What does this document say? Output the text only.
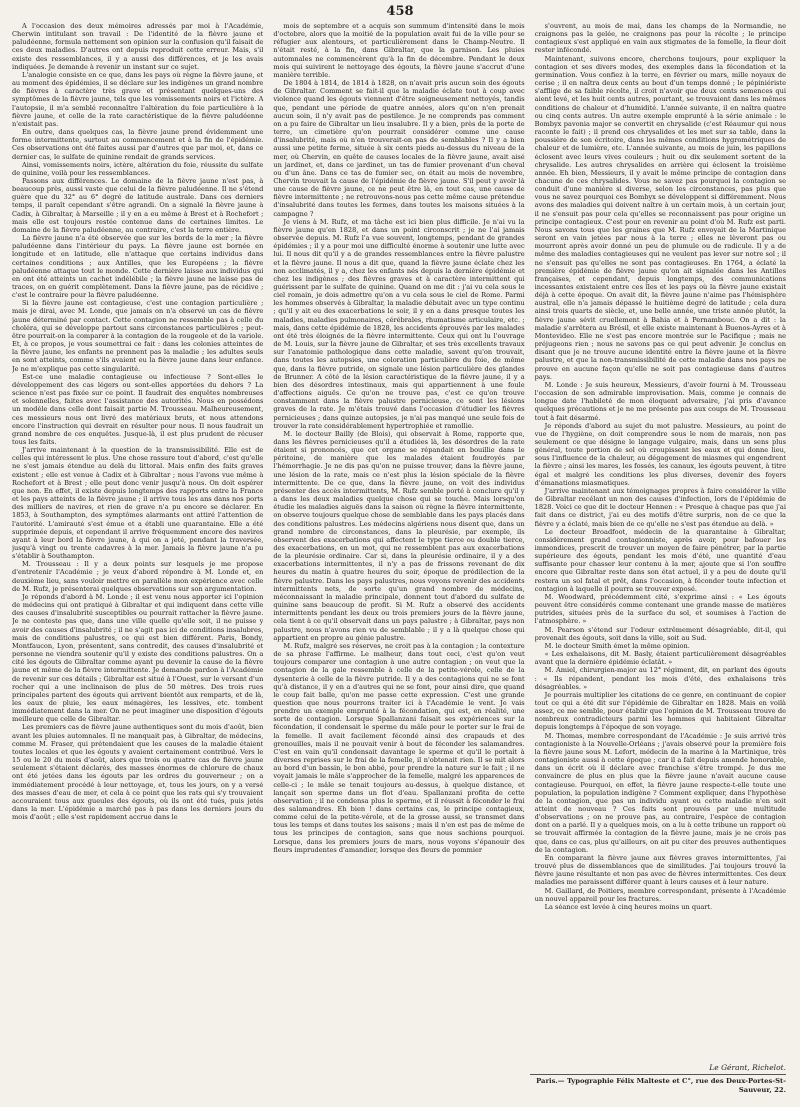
458

A l'occasion des deux mémoires adressés par moi à l'Académie, Cherwin intitulant son travail : De l'identité de la fièvre jaune et paludéenne, formula nettement son opinion sur la confusion qu'il faisait de ces deux maladies. D'autres ont depuis reproduit cette erreur. Mais, s'il existe des ressemblances, il y a aussi des différences, et je les avais indiquées. Je demande à revenir un instant sur ce sujet.

L'analogie consiste en ce que, dans les pays où règne la fièvre jaune, et au moment des épidémies, il se déclare sur les indigènes un grand nombre de fièvres à caractère très grave et présentant quelques-uns des symptômes de la fièvre jaune, tels que les vomissements noirs et l'ictère. A l'autopsie, il m'a semblé reconnaître l'altération du foie particulière à la fièvre jaune, et celle de la rate caractéristique de la fièvre paludéenne n'existait pas.

En outre, dans quelques cas, la fièvre jaune prend évidemment une forme intermittente, surtout au commencement et à la fin de l'épidémie. Ces observations ont été faites aussi par d'autres que par moi, et, dans ce dernier cas, le sulfate de quinine rendait de grands services.

Ainsi, vomissements noirs, ictère, altération du foie, réussite du sulfate de quinine, voilà pour les ressemblances.

Passons aux différences. Le domaine de la fièvre jaune n'est pas, à beaucoup près, aussi vaste que celui de la fièvre paludéenne. Il ne s'étend guère que du 32° au 6° degré de latitude australe. Dans ces derniers temps, il paraît cependant s'être agrandi. On a signalé la fièvre jaune à Cadix, à Gibraltar, à Marseille ; il y en a eu même à Brest et à Rochefort ; mais elle est toujours restée contenue dans de certaines limites. Le domaine de la fièvre paludéenne, au contraire, c'est la terre entière.

La fièvre jaune n'a été observée que sur les bords de la mer ; la fièvre paludéenne dans l'intérieur du pays. La fièvre jaune est bornée en longitude et en latitude, elle n'attaque que certains individus dans certaines conditions ; aux Antilles, que les Européens ; la fièvre paludéenne attaque tout le monde. Cette dernière laisse aux individus qui en ont été atteints un cachet indélébile ; la fièvre jaune ne laisse pas de traces, on en guérit complètement. Dans la fièvre jaune, pas de récidive ; c'est le contraire pour la fièvre paludéenne.

Si la fièvre jaune est contagieuse, c'est une contagion particulière ; mais je dirai, avec M. Londe, que jamais on n'a observé un cas de fièvre jaune déterminé par contact. Cette contagion ne ressemble pas à celle du choléra, qui se développe partout sans circonstances particulières ; peut-être pourrait-on la comparer à la contagion de la rougeole et de la variole. Et, à ce propos, je vous soumettrai ce fait : dans les colonies atteintes de la fièvre jaune, les enfants ne prennent pas la maladie ; les adultes seuls en sont atteints, comme s'ils avaient eu la fièvre jaune dans leur enfance. Je ne m'explique pas cette singularité.

Est-ce une maladie contagieuse ou infectieuse ? Sont-elles le développement des cas légers ou sont-elles apportées du dehors ? La science n'est pas fixée sur ce point. Il faudrait des enquêtes nombreuses et solennelles, faites avec l'assistance des autorités. Nous en possédons un modèle dans celle dont faisait partie M. Trousseau. Malheureusement, ces messieurs nous ont livré des matériaux bruts, et nous attendons encore l'instruction qui devrait en résulter pour nous. Il nous faudrait un grand nombre de ces enquêtes. Jusque-là, il est plus prudent de récuser tous les faits.

J'arrive maintenant à la question de la transmissibilité. Elle est de celles qui intéressent le plus. Une chose rassure tout d'abord, c'est qu'elle ne s'est jamais étendue au delà du littoral. Mais enfin des faits graves existent ; elle est venue à Cadix et à Gibraltar ; nous l'avons vue même à Rochefort et à Brest ; elle peut donc venir jusqu'à nous. On doit espérer que non. En effet, il existe depuis longtemps des rapports entre la France et les pays atteints de la fièvre jaune ; il arrive tous les ans dans nos ports des milliers de navires, et rien de grave n'a pu encore se déclarer. En 1853, à Southampton, des symptômes alarmants ont attiré l'attention de l'autorité. L'amirauté s'est émue et a établi une quarantaine. Elle a été supprimée depuis, et cependant il arrive fréquemment encore des navires ayant à leur bord la fièvre jaune, à qui on a jeté, pendant la traversée, jusqu'à vingt ou trente cadavres à la mer. Jamais la fièvre jaune n'a pu s'établir à Southampton.

M. Trousseau : Il y a deux points sur lesquels je me propose d'entretenir l'Académie ; je veux d'abord répondre à M. Londe et, en deuxième lieu, sans vouloir mettre en parallèle mon expérience avec celle de M. Rufz, je présenterai quelques observations sur son argumentation.

Je réponds d'abord à M. Londe ; il est venu nous apporter ici l'opinion de médecins qui ont pratiqué à Gibraltar et qui indiquent dans cette ville des causes d'insalubrité susceptibles ou pourrait rattacher la fièvre jaune. Je ne conteste pas que, dans une ville quelle qu'elle soit, il ne puisse y avoir des causes d'insalubrité ; il ne s'agit pas ici de conditions insalubres, mais de conditions palustres, ce qui est bien différent. Paris, Bondy, Montfaucon, Lyon, présentent, sans contredit, des causes d'insalubrité et personne ne viendra soutenir qu'il y existe des conditions palustres. On a cité les égouts de Gibraltar comme ayant pu devenir la cause de la fièvre jaune et même de la fièvre intermittente. Je demande pardon à l'Académie de revenir sur ces détails ; Gibraltar est situé à l'Ouest, sur le versant d'un rocher qui a une inclinaison de plus de 50 mètres. Des trois rues principales partent des égouts qui arrivent bientôt aux remparts, et de là, les eaux de pluie, les eaux ménagères, les lessives, etc. tombent immédiatement dans la mer. On ne peut imaginer une disposition d'égouts meilleure que celle de Gibraltar.

Les premiers cas de fièvre jaune authentiques sont du mois d'août, bien avant les pluies automnales. Il ne manquait pas, à Gibraltar, de médecins, comme M. Fraser, qui prétendaient que les causes de la maladie étaient toutes locales et que les égouts y avaient certainement contribué. Vers le 15 ou le 20 du mois d'août, alors que trois ou quatre cas de fièvre jaune seulement s'étaient déclarés, des masses énormes de chlorure de chaux ont été jetées dans les égouts par les ordres du gouverneur ; on a immédiatement procédé à leur nettoyage, et, tous les jours, on y a versé des masses d'eau de mer, et cela à ce point que les rats qui s'y trouvaient accouraient tous aux gueules des égouts, où ils ont été tués, puis jetés dans la mer. L'épidémie a marché pas à pas dans les derniers jours du mois d'août ; elle s'est rapidement accrue dans le

mois de septembre et a acquis son summum d'intensité dans le mois d'octobre, alors que la moitié de la population avait fui de la ville pour se réfugier aux alentours, et particulièrement dans le Champ-Neutre. Il n'était resté, à la fin, dans Gibraltar, que la garnison. Les pluies automnales ne commencèrent qu'à la fin de décembre. Pendant le deux mois qui suivirent le nettoyage des égouts, la fièvre jaune s'accrut d'une manière terrible.

De 1804 à 1814, de 1814 à 1828, on n'avait pris aucun soin des égouts de Gibraltar. Comment se fait-il que la maladie éclate tout à coup avec violence quand les égouts viennent d'être soigneusement nettoyés, tandis que, pendant une période de quatre années, alors qu'on n'en prenait aucun soin, il n'y avait pas de pestilence. Je ne comprends pas comment on a pu faire de Gibraltar un lieu insalubre. Il y a bien, près de la porte de terre, un cimetière qu'on pourrait considérer comme une cause d'insalubrité, mais où n'en trouverait-on pas de semblables ? Il y a bien aussi une petite ferme, située à six cents pieds au-dessus du niveau de la mer, où Chervin, en quête de causes locales de la fièvre jaune, avait aisé un jardinet, et, dans ce jardinet, un tas de fumier provenant d'un cheval ou d'un âne. Dans ce tas de fumier sec, on était au mois de novembre, Chervin trouvait la cause de l'épidémie de fièvre jaune. S'il peut y avoir là une cause de fièvre jaune, ce ne peut être là, en tout cas, une cause de fièvre intermittente ; ne retrouvons-nous pas cette même cause prétendue d'insalubrité dans toutes les fermes, dans toutes les maisons situées à la campagne ?

Je viens à M. Rufz, et ma tâche est ici bien plus difficile. Je n'ai vu la fièvre jaune qu'en 1828, et dans un point circonscrit ; je ne l'ai jamais observée depuis. M. Rufz l'a vue souvent, longtemps, pendant de grandes épidémies ; il y a pour moi une difficulté énorme à soutenir une lutte avec lui. Il nous dit qu'il y a de grandes ressemblances entre la fièvre palustre et la fièvre jaune. Il nous a dit que, quand la fièvre jaune éclate chez les non acclimatés, il y a, chez les enfants nés depuis la dernière épidémie et chez les indigènes ; des fièvres graves et à caractère intermittent qui guérissent par le sulfate de quinine. Quand on me dit : j'ai vu cela sous le ciel romain, je dois admettre qu'on a vu cela sous le ciel de Rome. Parmi les hommes observés à Gibraltar, la maladie débutait avec un type continu ; qu'il y ait eu des exacerbations le soir, il y en a dans presque toutes les maladies, maladies pulmonaires, cérébrales, rhumatisme articulaire, etc. ; mais, dans cette épidémie de 1828, les accidents éprouvés par les malades ont été très éloignés de la fièvre intermittente. Ceux qui ont lu l'ouvrage de M. Louis, sur la fièvre jaune de Gibraltar, et ses très excellents travaux sur l'anatomie pathologique dans cette maladie, savent qu'on trouvait, dans toutes les autopsies, une coloration particulière du foie, de même que, dans la fièvre putride, on signale une lésion particulière des glandes de Brunner. A côté de la lésion caractéristique de la fièvre jaune, il y a bien des désordres intestinaux, mais qui appartiennent à une foule d'affections aiguës. Ce qu'on ne trouve pas, c'est ce qu'on trouve constamment dans la fièvre palustre pernicieuse, ce sont les lésions graves de la rate. Je m'étais trouvé dans l'occasion d'étudier les fièvres pernicieuses ; dans quinze autopsies, je n'ai pas manqué une seule fois de trouver la rate considérablement hypertrophiée et ramollie.

M. le docteur Bailly (de Blois), qui observait à Rome, rapporte que, dans les fièvres pernicieuses qu'il a étudiées là, les désordres de la rate étaient si prononcés, que cet organe se répandait en bouillie dans le péritoine, de manière que les malades étaient foudroyés par l'hémorrhagie. Je ne dis pas qu'on ne puisse trouver, dans la fièvre jaune, une lésion de la rate, mais ce n'est plus la lésion spéciale de la fièvre intermittente. De ce que, dans la fièvre jaune, on voit des individus présenter des accès intermittents, M. Rufz semble porté à conclure qu'il y a dans les deux maladies quelque chose qui se touche. Mais lorsqu'on étudie les maladies aiguës dans la saison où règne la fièvre intermittente, on observe toujours quelque chose de semblable dans les pays placés dans des conditions palustres. Les médecins algériens nous disent que, dans un grand nombre de circonstances, dans la pleurésie, par exemple, ils observent des exacerbations qui affectent le type tierce ou double tierce, des exacerbations, en un mot, qui ne ressemblent pas aux exacerbations de la pleurésie ordinaire. Car si, dans la pleurésie ordinaire, il y a des exacerbations intermittentes, il n'y a pas de frissons revenant de dix heures du matin à quatre heures du soir, époque de prédilection de la fièvre palustre. Dans les pays palustres, nous voyons revenir des accidents intermittents nets, de sorte qu'un grand nombre de médecins, méconnaissant la maladie principale, donnent tout d'abord du sulfate de quinine sans beaucoup de profit. Si M. Rufz a observé des accidents intermittents pendant les deux ou trois premiers jours de la fièvre jaune, cela tient à ce qu'il observait dans un pays palustre ; à Gibraltar, pays non palustre, nous n'avons rien vu de semblable ; il y a là quelque chose qui appartient en propre au génie palustre.

M. Rufz, malgré ses réserves, ne croit pas à la contagion ; la contexture de sa phrase l'affirme. Le malheur, dans tout ceci, c'est qu'on veut toujours comparer une contagion à une autre contagion ; on veut que la contagion de la gale ressemble à celle de la petite-vérole, celle de la dysenterie à celle de la fièvre putride. Il y a des contagions qui ne se font qu'à distance, il y en a d'autres qui ne se font, pour ainsi dire, que quand le coup fait balle, qu'on me passe cette expression. C'est une grande question que nous pourrons traiter ici à l'Académie le vent. Je vais prendre un exemple emprunté à la fécondation, qui est, en réalité, une sorte de contagion. Lorsque Spallanzani faisait ses expériences sur la fécondation, il condensait le sperme du mâle pour le porter sur le frai de la femelle. Il avait facilement fécondé ainsi des crapauds et des grenouilles, mais il ne pouvait venir à bout de féconder les salamandres. C'est en vain qu'il condensait davantage le sperme et qu'il le portait à diverses reprises sur le frai de la femelle, il n'obtenait rien. Il se mit alors au bord d'un bassin, le bon abbé, pour prendre la nature sur le fait ; il ne voyait jamais le mâle s'approcher de la femelle, malgré les apparences de celle-ci ; le mâle se tenait toujours au-dessus, à quelque distance, et lançait son sperme dans un flot d'eau. Spallanzani profita de cette observation ; il ne condensa plus le sperme, et il réussit à féconder le frai des salamandres. Eh bien ! dans certains cas, le principe contagieux, comme celui de la petite-vérole, et de la grosse aussi, se transmet dans tous les temps et dans toutes les saisons ; mais il n'en est pas de même de tous les principes de contagion, sans que nous sachions pourquoi. Lorsque, dans les premiers jours de mars, nous voyons s'épanouir des fleurs imprudentes d'amandier, lorsque des fleurs de pommier

s'ouvrent, au mois de mai, dans les champs de la Normandie, ne craignons pas la gelée, ne craignons pas pour la récolte ; le principe contagieux s'est appliqué en vain aux stigmates de la femelle, la fleur doit rester infécondé.

Maintenant, suivons encore, cherchons toujours, pour expliquer la contagion et ses divers modes, des exemples dans la fécondation et la germination. Vous confiez à la terre, en février ou mars, mille noyaux de cerise ; il en naîtra deux cents au bout d'un temps donné ; le pépiniériste s'afflige de sa faible récolte, il croit n'avoir que deux cents semences qui aient levé, et les huit cents autres, pourtant, se trouvaient dans les mêmes conditions de chaleur et d'humidité. L'année suivante, il en naîtra quatre ou cinq cents autres. Un autre exemple emprunté à la série animale : le Bombyx pavonia major se convertit en chrysalide (c'est Réaumur qui nous raconte le fait) ; il prend ces chrysalides et les met sur sa table, dans la poussière de son écritoire, dans les mêmes conditions hygrométriques de chaleur et de lumière, etc. L'année suivante, au mois de juin, les papillons éclosent avec leurs vives couleurs ; huit ou dix seulement sortent de la chrysalide. Les autres chrysalides en arrière qui éclosent la troisième année. Eh bien, Messieurs, il y avait le même principe de contagion dans chacune de ces chrysalides. Vous ne savez pas pourquoi la contagion se conduit d'une manière si diverse, selon les circonstances, pas plus que vous ne savez pourquoi ces Bombyx se développent si différemment. Nous avons des maladies qui doivent naître à un certain mois, à un certain jour, il ne s'ensuit pas pour cela qu'elles se reconnaissent pas pour origine un principe contagieux. C'est pour en revenir au point d'où M. Rufz est parti. Nous savons tous que les graines que M. Rufz envoyait de la Martinique seront en vain jetées par nous à la terre ; elles ne lèveront pas ou mourront après avoir donné un peu de plumule ou de radicule. Il y a de même des maladies contagieuses qui ne veulent pas lever sur notre sol ; il ne s'ensuit pas qu'elles ne sont pas contagieuses. En 1764, a éclaté la première épidémie de fièvre jaune qu'on ait signalée dans les Antilles françaises, et cependant, depuis longtemps, des communications incessantes existaient entre ces îles et les pays où la fièvre jaune existait déjà à cette époque. On avait dit, la fièvre jaune n'aime pas l'hémisphère austral, elle n'a jamais dépassé le huitième degré de latitude ; cela dura ainsi trois quarts de siècle, et, une belle année, une triste année plutôt, la fièvre jaune sévit cruellement à Bahia et à Pernambouc. On a dit : la maladie s'arrêtera au Brésil, et elle existe maintenant à Buenos-Ayres et à Montevideo. Elle ne s'est pas encore montrée sur le Pacifique ; mais ne préjugeons rien ; nous ne savons pas ce qui peut advenir. Je conclus en disant que je ne trouve aucune identité entre la fièvre jaune et la fièvre palustre, et que la non-transmissibilité de cette maladie dans nos pays ne prouve en aucune façon qu'elle ne soit pas contagieuse dans d'autres pays.

M. Londe : Je suis heureux, Messieurs, d'avoir fourni à M. Trousseau l'occasion de son admirable improvisation. Mais, comme je connais de longue date l'habileté de mon éloquent adversaire, j'ai pris d'avance quelques précautions et je ne me présente pas aux coups de M. Trousseau tout à fait désarmé.

Je réponds d'abord au sujet du mot palustre. Messieurs, au point de vue de l'hygiène, on doit comprendre sous le nom de marais, non pas seulement ce que désigne le langage vulgaire, mais, dans un sens plus général, toute portion de sol où croupissent les eaux et qui donne lieu, sous l'influence de la chaleur, au dégagement de miasmes qui engendrent la fièvre ; ainsi les mares, les fossés, les canaux, les égouts peuvent, à titre égal et malgré les conditions les plus diverses, devenir des foyers d'émanations miasmatiques.

J'arrive maintenant aux témoignages propres à faire considérer la ville de Gibraltar recélant un non des causes d'infection, lors de l'épidémie de 1828. Voici ce que dit le docteur Hennen : « Presque à chaque pas que j'ai fait dans ce district, j'ai eu des motifs d'être surpris, non de ce que la fièvre y a éclaté, mais bien de ce qu'elle ne s'est pas étendue au delà. »

Le docteur Broadfoot, médecin de la quarantaine à Gibraltar, considèrement grand contagionniste, après avoir, pour bafouer les immondices, prescrit de trouver un moyen de faire pénétrer, par la partie supérieure des égouts, pendant les mois d'été, une quantité d'eau suffisante pour chasser leur contenu à la mer, ajoute que si l'on souffre encore que Gibraltar reste dans son état actuel, il y a peu de doute qu'il restera un sol fatal et prêt, dans l'occasion, à féconder toute infection et contagion à laquelle il pourra se trouver exposé.

M. Woodward, précédemment cité, s'exprime ainsi : « Les égouts peuvent être considérés comme contenant une grande masse de matières putrides, situées près de la surface du sol, et soumises à l'action de l'atmosphère. »

M. Pearson s'étend sur l'odeur extrêmement désagréable, dit-il, qui provenait des égouts, soit dans la ville, soit au Sud.

M. le docteur Smith émet la même opinion.

« Les exhalaisons, dit M. Basly, étaient particulièrement désagréables avant que la dernière épidémie éclatât. »

M. Amiel, chirurgien-major au 12° régiment, dit, en parlant des égouts : « Ils répandent, pendant les mois d'été, des exhalaisons très désagréables. »

Je pourrais multiplier les citations de ce genre, en continuant de copier tout ce qui a été dit sur l'épidémie de Gibraltar en 1828. Mais en voilà assez, ce me semble, pour établir que l'opinion de M. Trousseau trouve de nombreux contradicteurs parmi les hommes qui habitaient Gibraltar depuis longtemps à l'époque de son voyage.

M. Thomas, membre correspondant de l'Académie : Je suis arrivé très contagioniste à la Nouvelle-Orléans ; j'avais observé pour la première fois la fièvre jaune sous M. Lefort, médecin de la marine à la Martinique, très contagioniste aussi à cette époque ; car il a fait depuis amende honorable, dans un écrit où il déclare avec franchise s'être trompé. Je dus me convaincre de plus en plus que la fièvre jaune n'avait aucune cause contagieuse. Pourquoi, en effet, la fièvre jaune respecte-t-elle toute une population, la population indigène ? Comment expliquer, dans l'hypothèse de la contagion, que pas un individu ayant eu cette maladie n'en soit atteint de nouveau ? Ces faits sont prouvés par une multitude d'observations ; on ne prouve pas, au contraire, l'espèce de contagion dont on a parlé. Il y a quelques mois, on a lu à cette tribune un rapport où se trouvait affirmée la contagion de la fièvre jaune, mais je ne crois pas que, dans ce cas, plus qu'ailleurs, on ait pu citer des preuves authentiques de la contagion.

En comparant la fièvre jaune aux fièvres graves intermittentes, j'ai trouvé plus de dissemblances que de similitudes. J'ai toujours trouvé la fièvre jaune résultante et non pas avec de fièvres intermittentes. Ces deux maladies me paraissent différer quant à leurs causes et à leur nature.

M. Gaillard, de Poitiers, membre correspondant, présente à l'Académie un nouvel appareil pour les fractures.

La séance est levée à cinq heures moins un quart.

Le Gérant, Richelot.
Paris.— Typographie Félix Malteste et C°, rue des Deux-Portes-St-Sauveur, 22.
